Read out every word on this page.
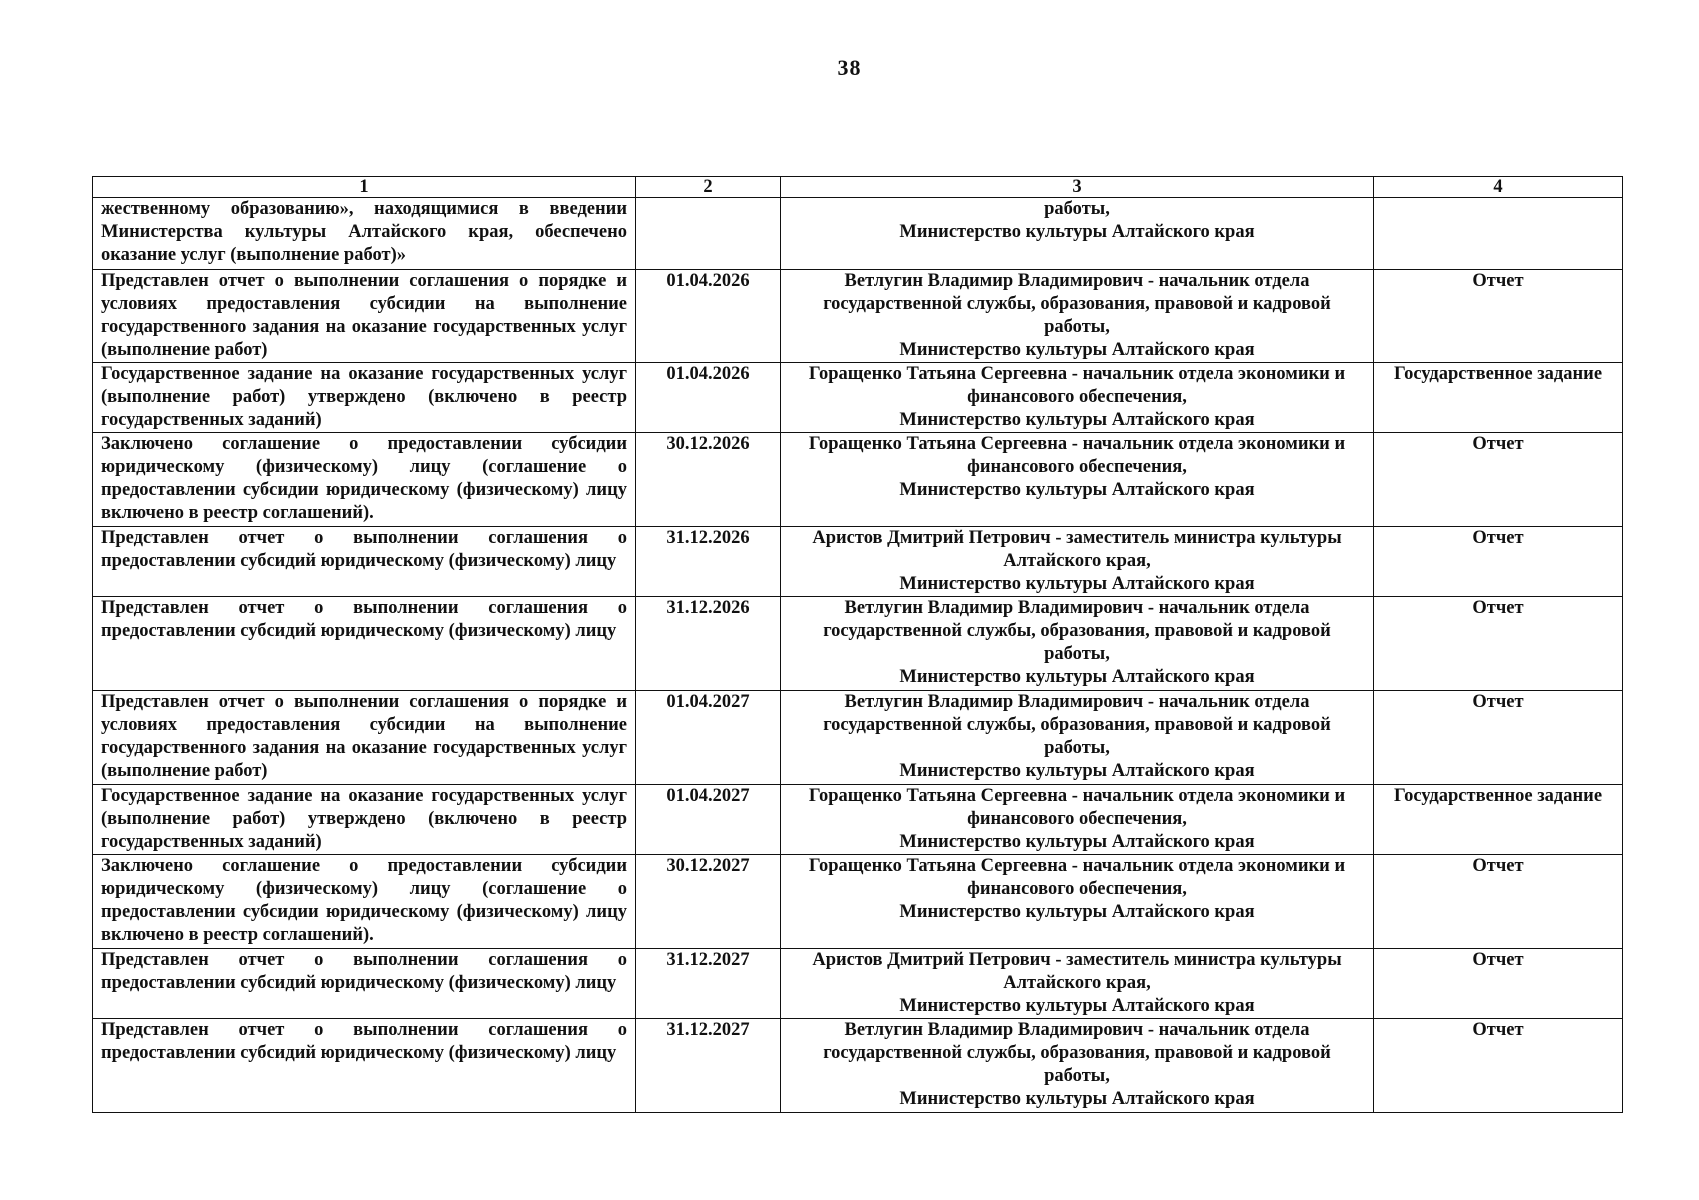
38
1	2	3	4
жественному образованию», находящимися в введении Министерства культуры Алтайского края, обеспечено оказание услуг (выполнение работ)»		работы,
Министерство культуры Алтайского края	

Представлен отчет о выполнении соглашения о порядке и условиях предоставления субсидии на выполнение государственного задания на оказание государственных услуг (выполнение работ)	01.04.2026	Ветлугин Владимир Владимирович - начальник отдела
государственной службы, образования, правовой и кадровой
работы,
Министерство культуры Алтайского края	Отчет
Государственное задание на оказание государственных услуг (выполнение работ) утверждено (включено в реестр государственных заданий)	01.04.2026	Горащенко Татьяна Сергеевна - начальник отдела экономики и
финансового обеспечения,
Министерство культуры Алтайского края	Государственное задание
Заключено соглашение о предоставлении субсидии юридическому (физическому) лицу (соглашение о предоставлении субсидии юридическому (физическому) лицу включено в реестр соглашений).	30.12.2026	Горащенко Татьяна Сергеевна - начальник отдела экономики и
финансового обеспечения,
Министерство культуры Алтайского края	Отчет
Представлен отчет о выполнении соглашения о предоставлении субсидий юридическому (физическому) лицу	31.12.2026	Аристов Дмитрий Петрович - заместитель министра культуры
Алтайского края,
Министерство культуры Алтайского края	Отчет
Представлен отчет о выполнении соглашения о предоставлении субсидий юридическому (физическому) лицу	31.12.2026	Ветлугин Владимир Владимирович - начальник отдела
государственной службы, образования, правовой и кадровой
работы,
Министерство культуры Алтайского края	Отчет
Представлен отчет о выполнении соглашения о порядке и условиях предоставления субсидии на выполнение государственного задания на оказание государственных услуг (выполнение работ)	01.04.2027	Ветлугин Владимир Владимирович - начальник отдела
государственной службы, образования, правовой и кадровой
работы,
Министерство культуры Алтайского края	Отчет
Государственное задание на оказание государственных услуг (выполнение работ) утверждено (включено в реестр государственных заданий)	01.04.2027	Горащенко Татьяна Сергеевна - начальник отдела экономики и
финансового обеспечения,
Министерство культуры Алтайского края	Государственное задание
Заключено соглашение о предоставлении субсидии юридическому (физическому) лицу (соглашение о предоставлении субсидии юридическому (физическому) лицу включено в реестр соглашений).	30.12.2027	Горащенко Татьяна Сергеевна - начальник отдела экономики и
финансового обеспечения,
Министерство культуры Алтайского края	Отчет
Представлен отчет о выполнении соглашения о предоставлении субсидий юридическому (физическому) лицу	31.12.2027	Аристов Дмитрий Петрович - заместитель министра культуры
Алтайского края,
Министерство культуры Алтайского края	Отчет
Представлен отчет о выполнении соглашения о предоставлении субсидий юридическому (физическому) лицу	31.12.2027	Ветлугин Владимир Владимирович - начальник отдела
государственной службы, образования, правовой и кадровой
работы,
Министерство культуры Алтайского края	Отчет
